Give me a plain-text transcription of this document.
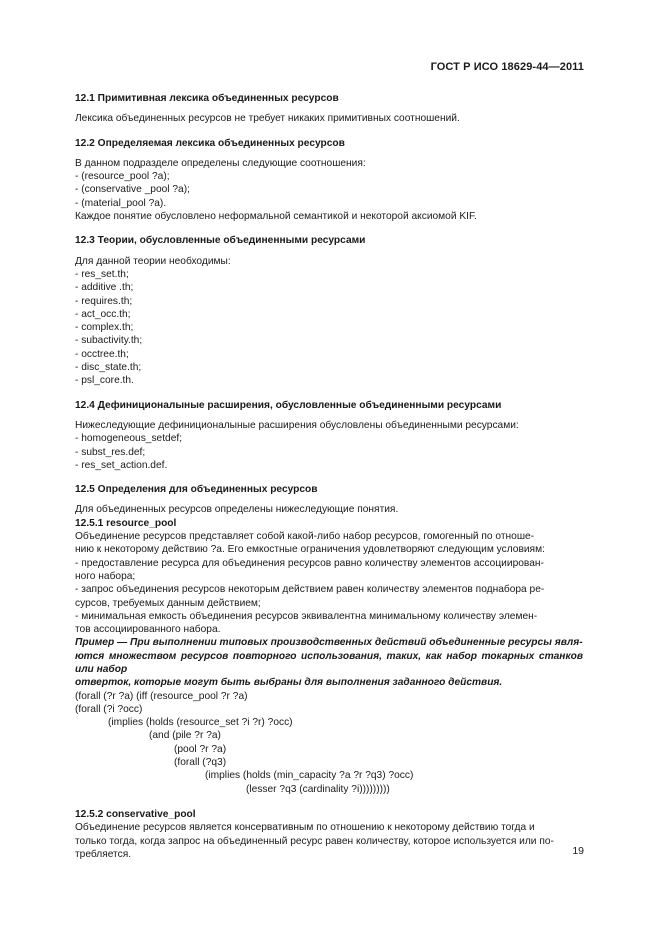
ГОСТ Р ИСО 18629-44—2011

12.1 Примитивная лексика объединенных ресурсов

Лексика объединенных ресурсов не требует никаких примитивных соотношений.

12.2 Определяемая лексика объединенных ресурсов

В данном подразделе определены следующие соотношения:

- (resource_pool ?a);

- (conservative _pool ?a);

- (material_pool ?a).

Каждое понятие обусловлено неформальной семантикой и некоторой аксиомой KIF.

12.3 Теории, обусловленные объединенными ресурсами

Для данной теории необходимы:

- res_set.th;

- additive .th;

- requires.th;

- act_occ.th;

- complex.th;

- subactivity.th;

- occtree.th;

- disc_state.th;

- psl_core.th.

12.4 Дефиниционалыные расширения, обусловленные объединенными ресурсами

Нижеследующие дефиниционалыные расширения обусловлены объединенными ресурсами:

- homogeneous_setdef;

- subst_res.def;

- res_set_action.def.

12.5 Определения для объединенных ресурсов

Для объединенных ресурсов определены нижеследующие понятия.

12.5.1 resource_pool

Объединение ресурсов представляет собой какой-либо набор ресурсов, гомогенный по отноше-

нию к некоторому действию ?a. Его емкостные ограничения удовлетворяют следующим условиям:

- предоставление ресурса для объединения ресурсов равно количеству элементов ассоциирован-

ного набора;

- запрос объединения ресурсов некоторым действием равен количеству элементов поднабора ре-

сурсов, требуемых данным действием;

- минимальная емкость объединения ресурсов эквивалентна минимальному количеству элемен-

тов ассоциированного набора.

Пример — При выполнении типовых производственных действий объединенные ресурсы явля-

ются множеством ресурсов повторного использования, таких, как набор токарных станков или набор

отверток, которые могут быть выбраны для выполнения заданного действия.

(forall (?r ?a) (iff (resource_pool ?r ?a)

(forall (?i ?occ)

(implies (holds (resource_set ?i ?r) ?occ)

(and (pile ?r ?a)

(pool ?r ?a)

(forall (?q3)

(implies (holds (min_capacity ?a ?r ?q3) ?occ)

(lesser ?q3 (cardinality ?i)))))))))

12.5.2 conservative_pool

Объединение ресурсов является консервативным по отношению к некоторому действию тогда и

только тогда, когда запрос на объединенный ресурс равен количеству, которое используется или по-

требляется.	19
